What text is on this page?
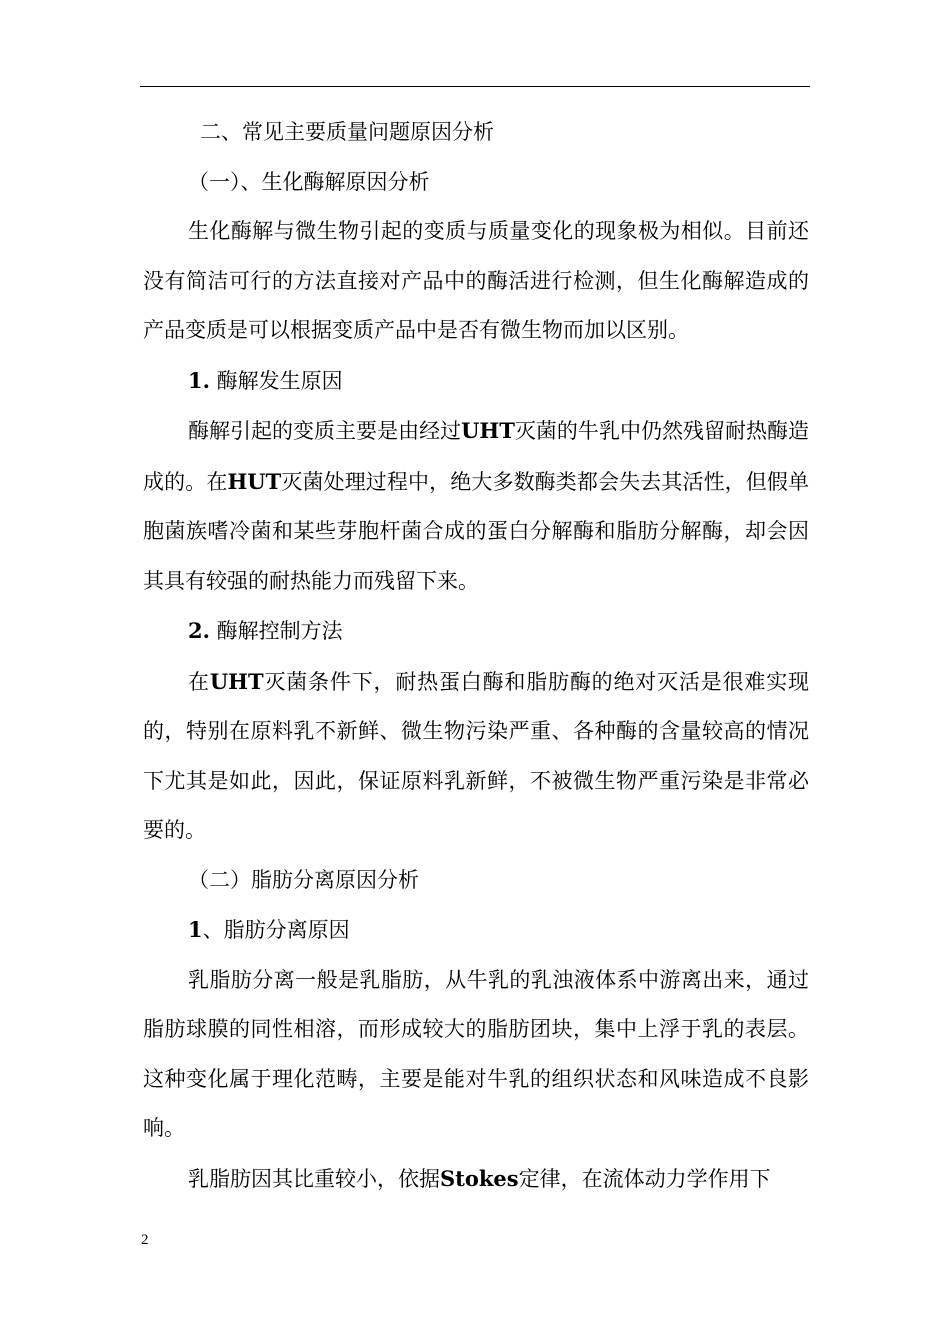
二、常见主要质量问题原因分析

（一）、生化酶解原因分析

生化酶解与微生物引起的变质与质量变化的现象极为相似。目前还没有简洁可行的方法直接对产品中的酶活进行检测，但生化酶解造成的产品变质是可以根据变质产品中是否有微生物而加以区别。

1. 酶解发生原因

酶解引起的变质主要是由经过UHT灭菌的牛乳中仍然残留耐热酶造成的。在HUT灭菌处理过程中，绝大多数酶类都会失去其活性，但假单胞菌族嗜冷菌和某些芽胞杆菌合成的蛋白分解酶和脂肪分解酶，却会因其具有较强的耐热能力而残留下来。

2. 酶解控制方法

在UHT灭菌条件下，耐热蛋白酶和脂肪酶的绝对灭活是很难实现的，特别在原料乳不新鲜、微生物污染严重、各种酶的含量较高的情况下尤其是如此，因此，保证原料乳新鲜，不被微生物严重污染是非常必要的。

（二）脂肪分离原因分析

1、脂肪分离原因

乳脂肪分离一般是乳脂肪，从牛乳的乳浊液体系中游离出来，通过脂肪球膜的同性相溶，而形成较大的脂肪团块，集中上浮于乳的表层。这种变化属于理化范畴，主要是能对牛乳的组织状态和风味造成不良影响。

乳脂肪因其比重较小，依据Stokes定律，在流体动力学作用下

2
